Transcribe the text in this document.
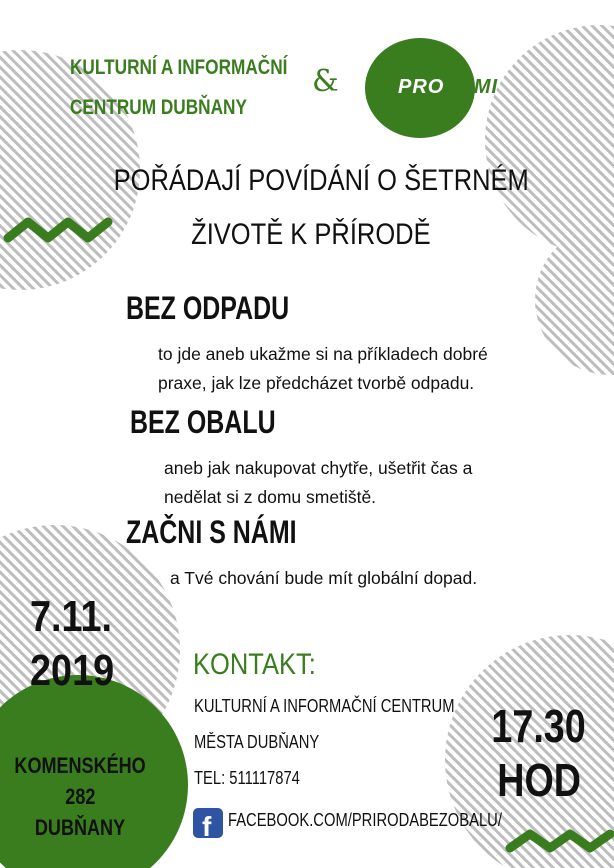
KULTURNÍ A INFORMAČNÍ
CENTRUM DUBŇANY
&	PRO ZEMI
POŘÁDAJÍ POVÍDÁNÍ O ŠETRNÉM
ŽIVOTĚ K PŘÍRODĚ
BEZ ODPADU
to jde aneb ukažme si na příkladech dobré
praxe, jak lze předcházet tvorbě odpadu.
BEZ OBALU
aneb jak nakupovat chytře, ušetřit čas a
nedělat si z domu smetiště.
ZAČNI S NÁMI
a Tvé chování bude mít globální dopad.
7.11.
2019
KOMENSKÉHO
282
DUBŇANY
KONTAKT:
KULTURNÍ A INFORMAČNÍ CENTRUM
MĚSTA DUBŇANY
TEL: 511117874
f FACEBOOK.COM/PRIRODABEZOBALU/
17.30
HOD
